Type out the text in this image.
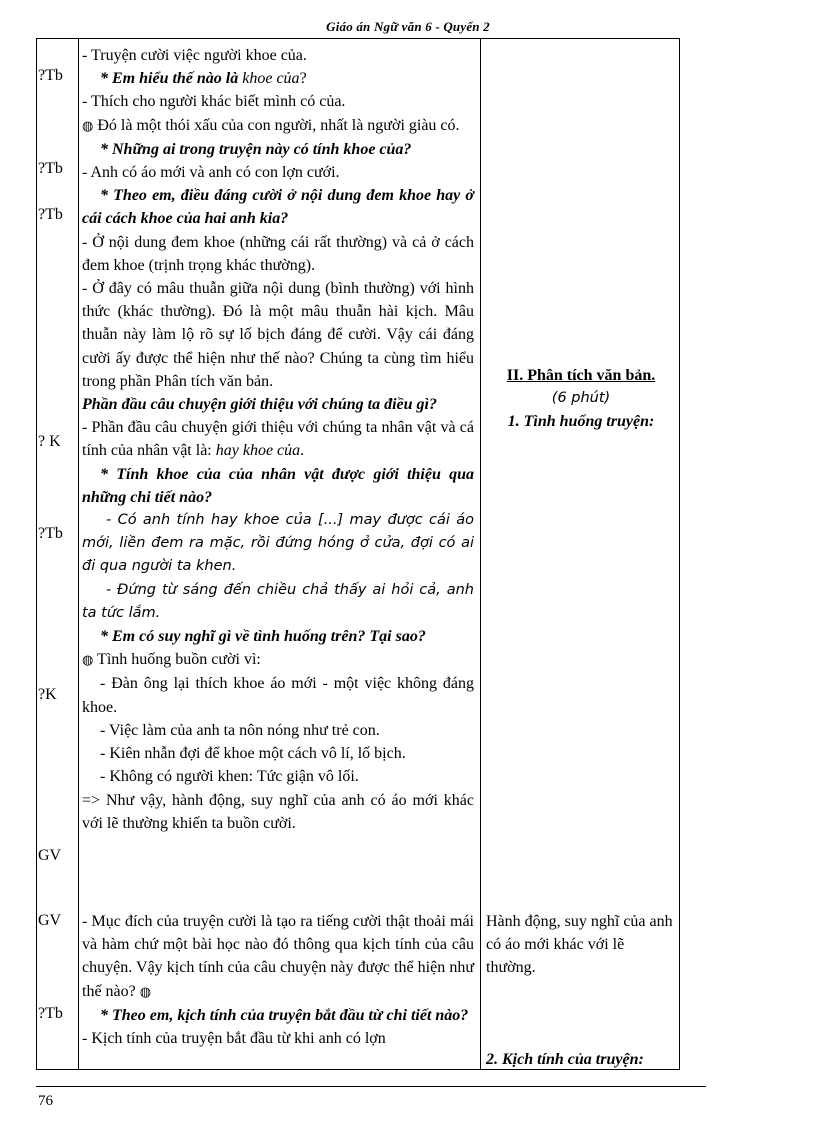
Giáo án Ngữ văn 6 - Quyển 2
?Tb
?Tb
?Tb
? K
?Tb
?K
GV
GV
?Tb

- Truyện cười việc người khoe của.

* Em hiểu thế nào là khoe của?

- Thích cho người khác biết mình có của.

◍ Đó là một thói xấu của con người, nhất là người giàu có.

* Những ai trong truyện này có tính khoe của?

- Anh có áo mới và anh có con lợn cưới.

* Theo em, điều đáng cười ở nội dung đem khoe hay ở cái cách khoe của hai anh kia?

- Ở nội dung đem khoe (những cái rất thường) và cả ở cách đem khoe (trịnh trọng khác thường).

- Ở đây có mâu thuẫn giữa nội dung (bình thường) với hình thức (khác thường). Đó là một mâu thuẫn hài kịch. Mâu thuẫn này làm lộ rõ sự lố bịch đáng để cười. Vậy cái đáng cười ấy được thể hiện như thế nào? Chúng ta cùng tìm hiểu trong phần Phân tích văn bản.

Phần đầu câu chuyện giới thiệu với chúng ta điều gì?

- Phần đầu câu chuyện giới thiệu với chúng ta nhân vật và cá tính của nhân vật là: hay khoe của.

* Tính khoe của của nhân vật được giới thiệu qua những chi tiết nào?

- Có anh tính hay khoe của [...] may được cái áo mới, liền đem ra mặc, rồi đứng hóng ở cửa, đợi có ai đi qua người ta khen.

- Đứng từ sáng đến chiều chả thấy ai hỏi cả, anh ta tức lắm.

* Em có suy nghĩ gì về tình huống trên? Tại sao?

◍ Tình huống buồn cười vì:

- Đàn ông lại thích khoe áo mới - một việc không đáng khoe.

- Việc làm của anh ta nôn nóng như trẻ con.

- Kiên nhẫn đợi để khoe một cách vô lí, lố bịch.

- Không có người khen: Tức giận vô lối.

=> Như vậy, hành động, suy nghĩ của anh có áo mới khác với lẽ thường khiến ta buồn cười.

- Mục đích của truyện cười là tạo ra tiếng cười thật thoải mái và hàm chứ một bài học nào đó thông qua kịch tính của câu chuyện. Vậy kịch tính của câu chuyện này được thể hiện như thế nào? ◍

* Theo em, kịch tính của truyện bắt đầu từ chi tiết nào?

- Kịch tính của truyện bắt đầu từ khi anh có lợn

II. Phân tích văn bản.
(6 phút)
1. Tình huống truyện:
Hành động, suy nghĩ của anh có áo mới khác với lẽ thường.
2. Kịch tính của truyện:
76
